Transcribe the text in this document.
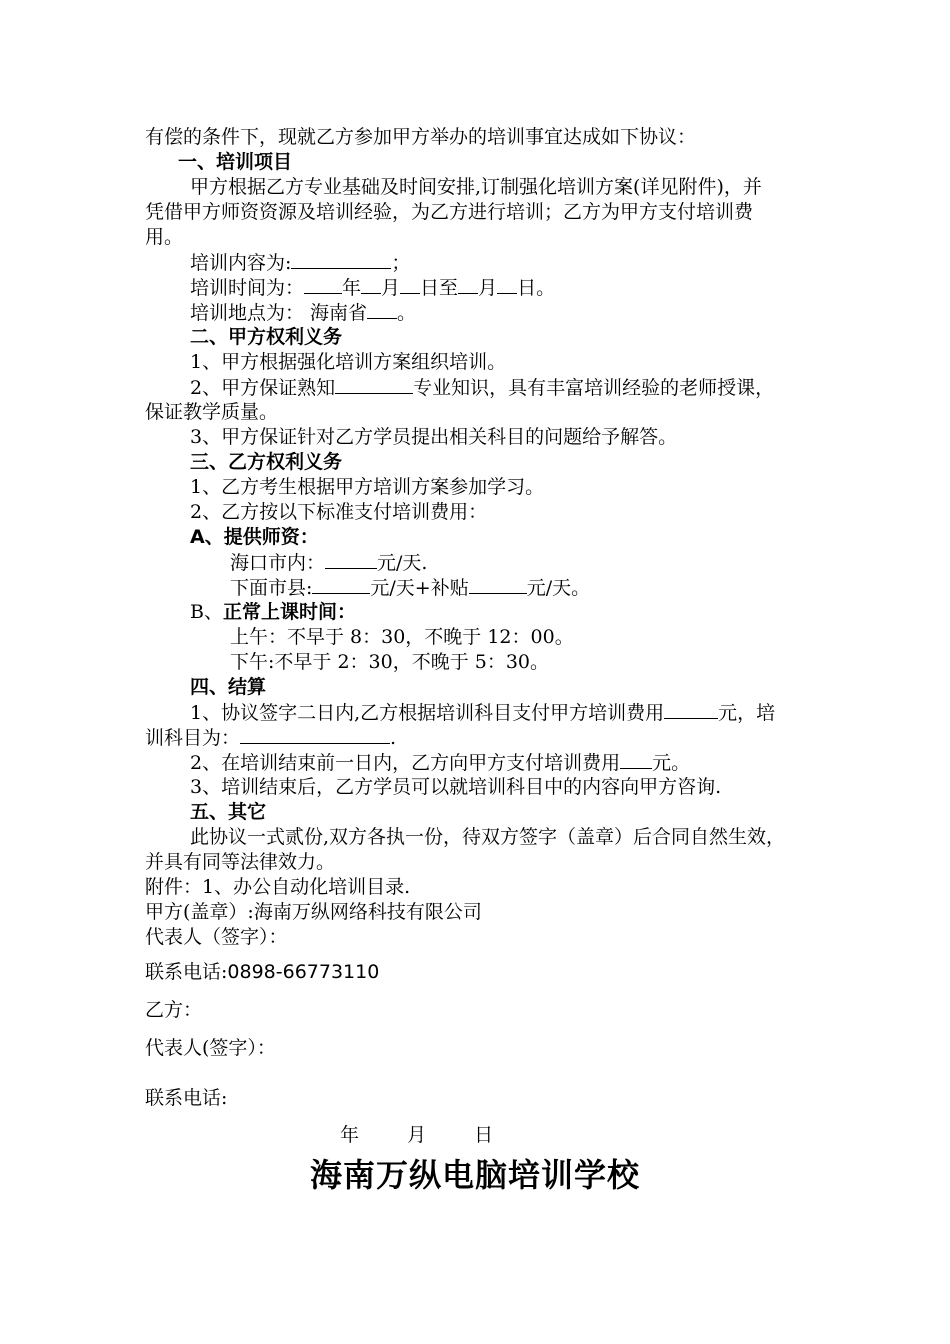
有偿的条件下，现就乙方参加甲方举办的培训事宜达成如下协议：

一、培训项目

甲方根据乙方专业基础及时间安排,订制强化培训方案(详见附件)，并

凭借甲方师资资源及培训经验，为乙方进行培训；乙方为甲方支付培训费

用。

培训内容为:	；

培训时间为： 年 月 日至 月 日。

培训地点为： 海南省 。

二、甲方权利义务

1、甲方根据强化培训方案组织培训。

2、甲方保证熟知	专业知识，具有丰富培训经验的老师授课，

保证教学质量。

3、甲方保证针对乙方学员提出相关科目的问题给予解答。

三、乙方权利义务

1、乙方考生根据甲方培训方案参加学习。

2、乙方按以下标准支付培训费用：

A、提供师资：

海口市内：	元/天.

下面市县:	元/天+补贴	元/天。

B、正常上课时间：

上午：不早于 8：30，不晚于 12：00。

下午:不早于 2：30，不晚于 5：30。

四、结算

1、协议签字二日内,乙方根据培训科目支付甲方培训费用	元，培

训科目为：	.

2、在培训结束前一日内，乙方向甲方支付培训费用 元。

3、培训结束后，乙方学员可以就培训科目中的内容向甲方咨询.

五、其它

此协议一式贰份,双方各执一份，待双方签字（盖章）后合同自然生效，

并具有同等法律效力。

附件：1、办公自动化培训目录.

甲方(盖章）:海南万纵网络科技有限公司

代表人（签字）：

联系电话:0898-66773110

乙方：

代表人(签字）：

联系电话:

年  月  日
海南万纵电脑培训学校
